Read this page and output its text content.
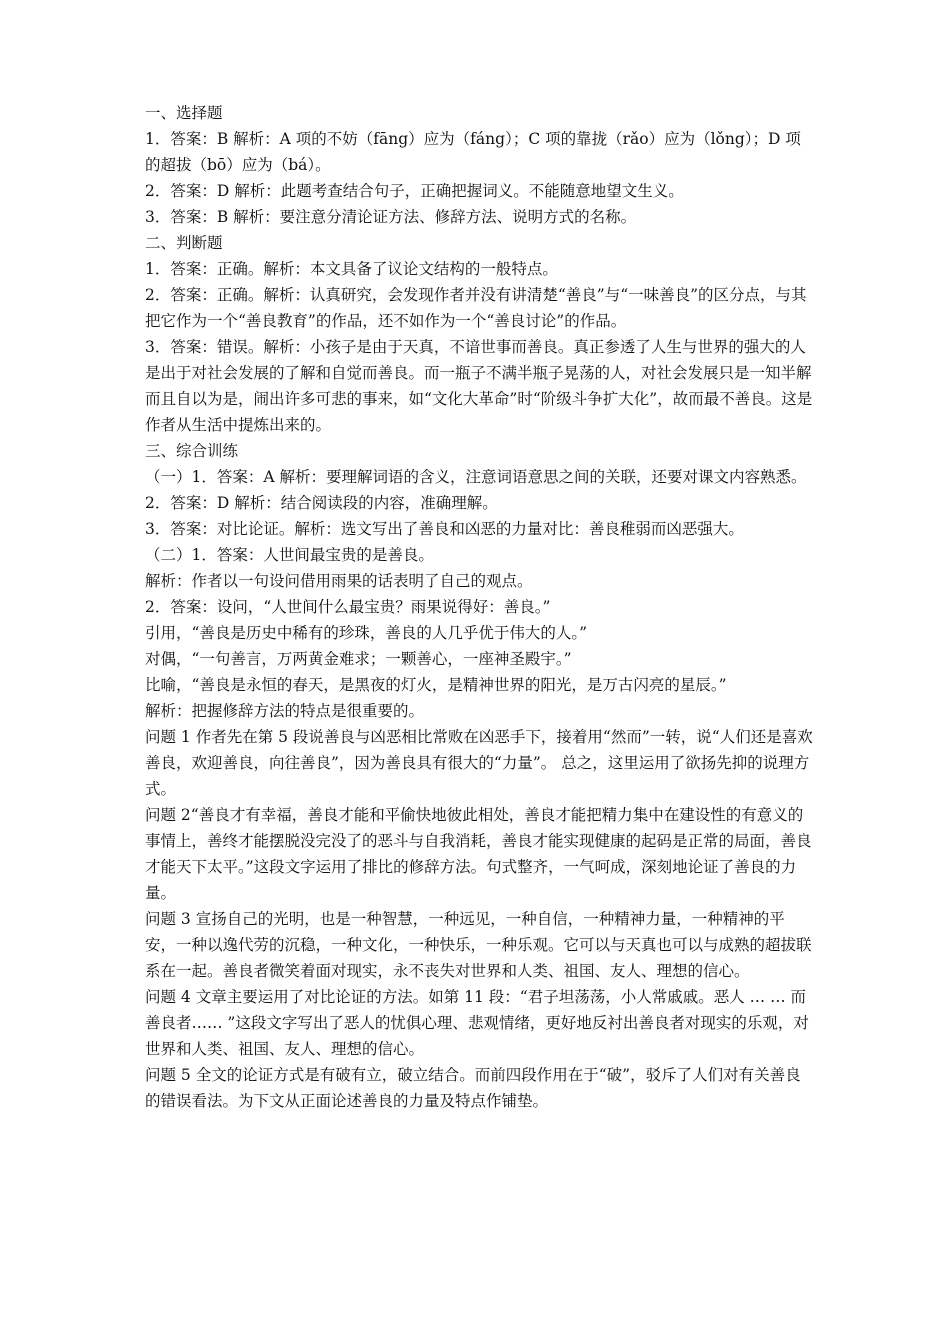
一、选择题

1．答案：B 解析：A 项的不妨（fāng）应为（fáng）；C 项的靠拢（rǎo）应为（lǒng）；D 项的超拔（bō）应为（bá）。

2．答案：D 解析：此题考查结合句子，正确把握词义。不能随意地望文生义。

3．答案：B 解析：要注意分清论证方法、修辞方法、说明方式的名称。

二、判断题

1．答案：正确。解析：本文具备了议论文结构的一般特点。

2．答案：正确。解析：认真研究，会发现作者并没有讲清楚“善良”与“一味善良”的区分点，与其把它作为一个“善良教育”的作品，还不如作为一个“善良讨论”的作品。

3．答案：错误。解析：小孩子是由于天真，不谙世事而善良。真正参透了人生与世界的强大的人是出于对社会发展的了解和自觉而善良。而一瓶子不满半瓶子晃荡的人，对社会发展只是一知半解而且自以为是，闹出许多可悲的事来，如“文化大革命”时“阶级斗争扩大化”，故而最不善良。这是作者从生活中提炼出来的。

三、综合训练

（一）1．答案：A 解析：要理解词语的含义，注意词语意思之间的关联，还要对课文内容熟悉。

2．答案：D 解析：结合阅读段的内容，准确理解。

3．答案：对比论证。解析：选文写出了善良和凶恶的力量对比：善良稚弱而凶恶强大。

（二）1．答案：人世间最宝贵的是善良。

解析：作者以一句设问借用雨果的话表明了自己的观点。

2．答案：设问，“人世间什么最宝贵？雨果说得好：善良。”

引用，“善良是历史中稀有的珍珠，善良的人几乎优于伟大的人。”

对偶，“一句善言，万两黄金难求；一颗善心，一座神圣殿宇。”

比喻，“善良是永恒的春天，是黑夜的灯火，是精神世界的阳光，是万古闪亮的星辰。”

解析：把握修辞方法的特点是很重要的。

问题 1 作者先在第 5 段说善良与凶恶相比常败在凶恶手下，接着用“然而”一转，说“人们还是喜欢善良，欢迎善良，向往善良”，因为善良具有很大的“力量”。 总之，这里运用了欲扬先抑的说理方式。

问题 2“善良才有幸福，善良才能和平偷快地彼此相处，善良才能把精力集中在建设性的有意义的事情上，善终才能摆脱没完没了的恶斗与自我消耗，善良才能实现健康的起码是正常的局面，善良才能天下太平。”这段文字运用了排比的修辞方法。句式整齐，一气呵成，深刻地论证了善良的力量。

问题 3 宣扬自己的光明，也是一种智慧，一种远见，一种自信，一种精神力量，一种精神的平安，一种以逸代劳的沉稳，一种文化，一种快乐，一种乐观。它可以与天真也可以与成熟的超拔联系在一起。善良者微笑着面对现实，永不丧失对世界和人类、祖国、友人、理想的信心。

问题 4 文章主要运用了对比论证的方法。如第 11 段：“君子坦荡荡，小人常戚戚。恶人 … … 而善良者…… ”这段文字写出了恶人的忧俱心理、悲观情绪，更好地反衬出善良者对现实的乐观，对世界和人类、祖国、友人、理想的信心。

问题 5 全文的论证方式是有破有立，破立结合。而前四段作用在于“破”，驳斥了人们对有关善良的错误看法。为下文从正面论述善良的力量及特点作铺垫。
